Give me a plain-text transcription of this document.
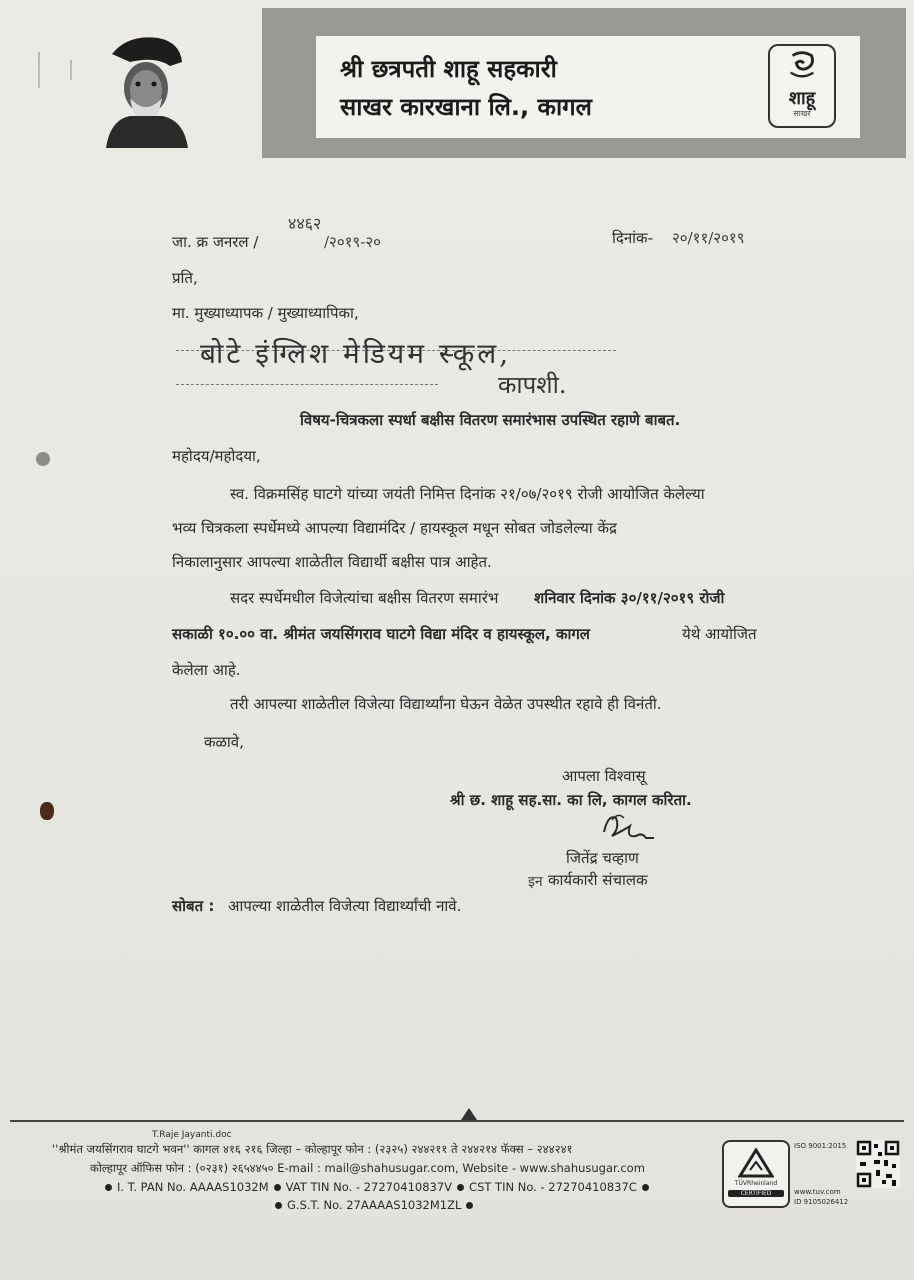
श्री छत्रपती शाहू सहकारी
साखर कारखाना लि., कागल	शाहू
साखर
जा. क्र जनरल /
४४६२
/२०१९-२०	दिनांक- २०/११/२०१९
प्रति,
मा. मुख्याध्यापक / मुख्याध्यापिका,
बोटे इंग्लिश मेडियम स्कूल,
कापशी.
विषय-चित्रकला स्पर्धा बक्षीस वितरण समारंभास उपस्थित रहाणे बाबत.
महोदय/महोदया,
स्व. विक्रमसिंह घाटगे यांच्या जयंती निमित्त दिनांक २१/०७/२०१९ रोजी आयोजित केलेल्या
भव्य चित्रकला स्पर्धेमध्ये आपल्या विद्यामंदिर / हायस्कूल मधून सोबत जोडलेल्या केंद्र
निकालानुसार आपल्या शाळेतील विद्यार्थी बक्षीस पात्र आहेत.
सदर स्पर्धेमधील विजेत्यांचा बक्षीस वितरण समारंभ शनिवार दिनांक ३०/११/२०१९ रोजी
सकाळी १०.०० वा. श्रीमंत जयसिंगराव घाटगे विद्या मंदिर व हायस्कूल, कागल	येथे आयोजित
केलेला आहे.
तरी आपल्या शाळेतील विजेत्या विद्यार्थ्यांना घेऊन वेळेत उपस्थीत रहावे ही विनंती.
कळावे,
आपला विश्वासू
श्री छ. शाहू सह.सा. का लि, कागल करिता.
जितेंद्र चव्हाण
इन कार्यकारी संचालक
सोबत : आपल्या शाळेतील विजेत्या विद्यार्थ्यांची नावे.
T.Raje Jayanti.doc
''श्रीमंत जयसिंगराव घाटगे भवन'' कागल ४१६ २१६ जिल्हा – कोल्हापूर फोन : (२३२५) २४४२११ ते २४४२१४ फॅक्स – २४४२४१
कोल्हापूर ऑफिस फोन : (०२३१) २६५४४५० E-mail : mail@shahusugar.com, Website - www.shahusugar.com
I. T. PAN No. AAAAS1032M VAT TIN No. - 27270410837V CST TIN No. - 27270410837C
G.S.T. No. 27AAAAS1032M1ZL
TÜVRheinland
CERTIFIED
ISO 9001:2015
www.tuv.com
ID 9105026412
